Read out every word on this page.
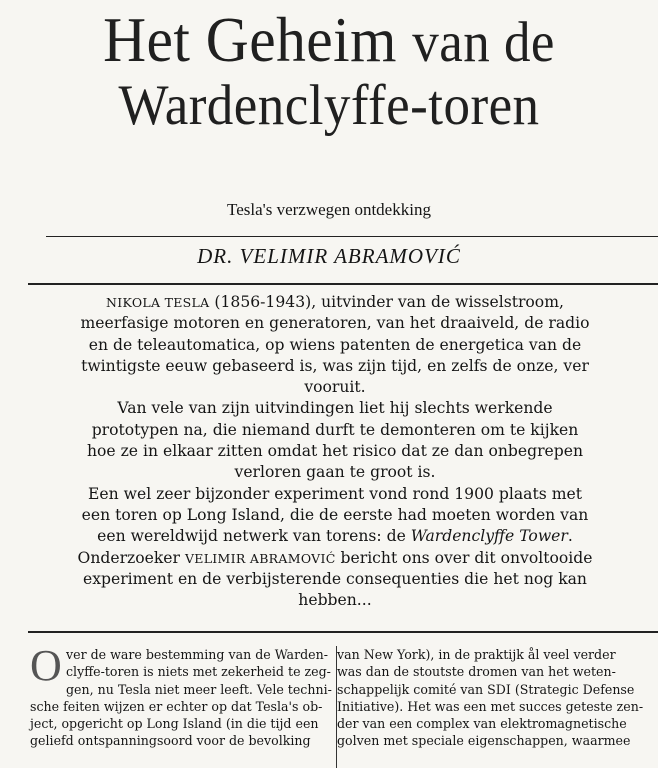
Het Geheim van de
Wardenclyffe-toren
Tesla's verzwegen ontdekking
DR. VELIMIR ABRAMOVIĆ
NIKOLA TESLA (1856-1943), uitvinder van de wisselstroom,
meerfasige motoren en generatoren, van het draaiveld, de radio
en de teleautomatica, op wiens patenten de energetica van de
twintigste eeuw gebaseerd is, was zijn tijd, en zelfs de onze, ver
vooruit.
Van vele van zijn uitvindingen liet hij slechts werkende
prototypen na, die niemand durft te demonteren om te kijken
hoe ze in elkaar zitten omdat het risico dat ze dan onbegrepen
verloren gaan te groot is.
Een wel zeer bijzonder experiment vond rond 1900 plaats met
een toren op Long Island, die de eerste had moeten worden van
een wereldwijd netwerk van torens: de Wardenclyffe Tower.
Onderzoeker VELIMIR ABRAMOVIĆ bericht ons over dit onvoltooide
experiment en de verbijsterende consequenties die het nog kan
hebben...
O ver de ware bestemming van de Warden-
clyffe-toren is niets met zekerheid te zeg-
gen, nu Tesla niet meer leeft. Vele techni-
sche feiten wijzen er echter op dat Tesla's ob-
ject, opgericht op Long Island (in die tijd een
geliefd ontspanningsoord voor de bevolking
van New York), in de praktijk ål veel verder
was dan de stoutste dromen van het weten-
schappelijk comité van SDI (Strategic Defense
Initiative). Het was een met succes geteste zen-
der van een complex van elektromagnetische
golven met speciale eigenschappen, waarmee
